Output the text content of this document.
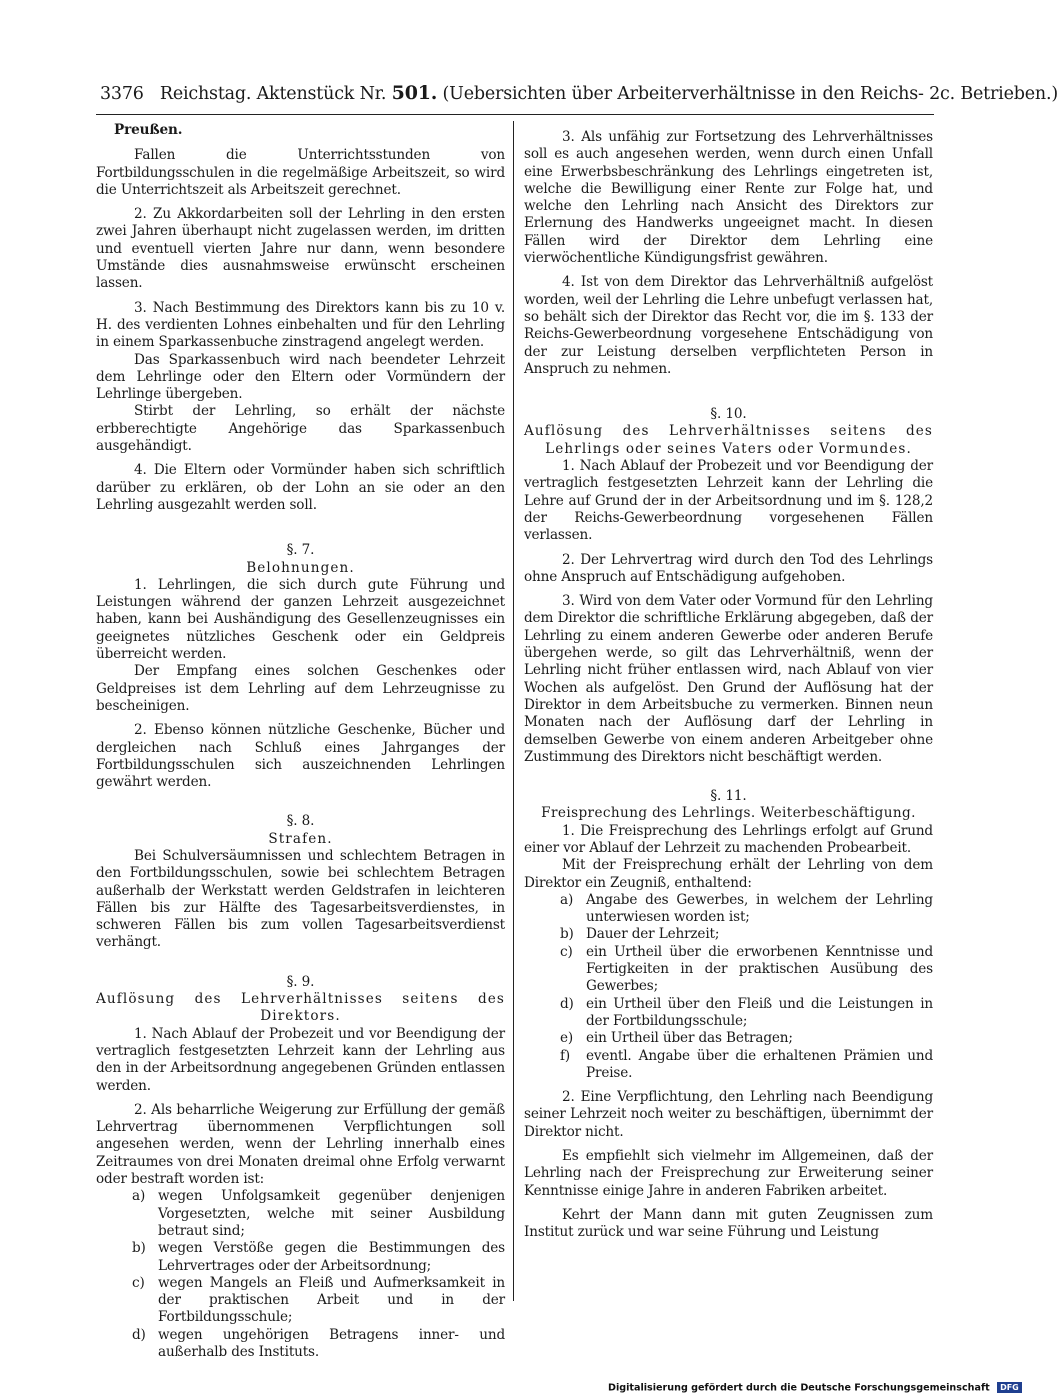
3376 Reichstag. Aktenstück Nr. 501. (Uebersichten über Arbeiterverhältnisse in den Reichs- 2c. Betrieben.)

Preußen.

Fallen die Unterrichtsstunden von Fortbildungsschulen in die regelmäßige Arbeitszeit, so wird die Unterrichtszeit als Arbeitszeit gerechnet.

2. Zu Akkordarbeiten soll der Lehrling in den ersten zwei Jahren überhaupt nicht zugelassen werden, im dritten und eventuell vierten Jahre nur dann, wenn besondere Umstände dies ausnahmsweise erwünscht erscheinen lassen.

3. Nach Bestimmung des Direktors kann bis zu 10 v. H. des verdienten Lohnes einbehalten und für den Lehrling in einem Sparkassenbuche zinstragend angelegt werden.

Das Sparkassenbuch wird nach beendeter Lehrzeit dem Lehrlinge oder den Eltern oder Vormündern der Lehrlinge übergeben.

Stirbt der Lehrling, so erhält der nächste erbberechtigte Angehörige das Sparkassenbuch ausgehändigt.

4. Die Eltern oder Vormünder haben sich schriftlich darüber zu erklären, ob der Lohn an sie oder an den Lehrling ausgezahlt werden soll.

§. 7.

Belohnungen.

1. Lehrlingen, die sich durch gute Führung und Leistungen während der ganzen Lehrzeit ausgezeichnet haben, kann bei Aushändigung des Gesellenzeugnisses ein geeignetes nützliches Geschenk oder ein Geldpreis überreicht werden.

Der Empfang eines solchen Geschenkes oder Geldpreises ist dem Lehrling auf dem Lehrzeugnisse zu bescheinigen.

2. Ebenso können nützliche Geschenke, Bücher und dergleichen nach Schluß eines Jahrganges der Fortbildungsschulen sich auszeichnenden Lehrlingen gewährt werden.

§. 8.

Strafen.

Bei Schulversäumnissen und schlechtem Betragen in den Fortbildungsschulen, sowie bei schlechtem Betragen außerhalb der Werkstatt werden Geldstrafen in leichteren Fällen bis zur Hälfte des Tagesarbeitsverdienstes, in schweren Fällen bis zum vollen Tagesarbeitsverdienst verhängt.

§. 9.

Auflösung des Lehrverhältnisses seitens des Direktors.

1. Nach Ablauf der Probezeit und vor Beendigung der vertraglich festgesetzten Lehrzeit kann der Lehrling aus den in der Arbeitsordnung angegebenen Gründen entlassen werden.

2. Als beharrliche Weigerung zur Erfüllung der gemäß Lehrvertrag übernommenen Verpflichtungen soll angesehen werden, wenn der Lehrling innerhalb eines Zeitraumes von drei Monaten dreimal ohne Erfolg verwarnt oder bestraft worden ist:

a) wegen Unfolgsamkeit gegenüber denjenigen Vorgesetzten, welche mit seiner Ausbildung betraut sind;
b) wegen Verstöße gegen die Bestimmungen des Lehrvertrages oder der Arbeitsordnung;
c) wegen Mangels an Fleiß und Aufmerksamkeit in der praktischen Arbeit und in der Fortbildungsschule;
d) wegen ungehörigen Betragens inner- und außerhalb des Instituts.

3. Als unfähig zur Fortsetzung des Lehrverhältnisses soll es auch angesehen werden, wenn durch einen Unfall eine Erwerbsbeschränkung des Lehrlings eingetreten ist, welche die Bewilligung einer Rente zur Folge hat, und welche den Lehrling nach Ansicht des Direktors zur Erlernung des Handwerks ungeeignet macht. In diesen Fällen wird der Direktor dem Lehrling eine vierwöchentliche Kündigungsfrist gewähren.

4. Ist von dem Direktor das Lehrverhältniß aufgelöst worden, weil der Lehrling die Lehre unbefugt verlassen hat, so behält sich der Direktor das Recht vor, die im §. 133 der Reichs-Gewerbeordnung vorgesehene Entschädigung von der zur Leistung derselben verpflichteten Person in Anspruch zu nehmen.

§. 10.

Auflösung des Lehrverhältnisses seitens des Lehrlings oder seines Vaters oder Vormundes.

1. Nach Ablauf der Probezeit und vor Beendigung der vertraglich festgesetzten Lehrzeit kann der Lehrling die Lehre auf Grund der in der Arbeitsordnung und im §. 128,2 der Reichs-Gewerbeordnung vorgesehenen Fällen verlassen.

2. Der Lehrvertrag wird durch den Tod des Lehrlings ohne Anspruch auf Entschädigung aufgehoben.

3. Wird von dem Vater oder Vormund für den Lehrling dem Direktor die schriftliche Erklärung abgegeben, daß der Lehrling zu einem anderen Gewerbe oder anderen Berufe übergehen werde, so gilt das Lehrverhältniß, wenn der Lehrling nicht früher entlassen wird, nach Ablauf von vier Wochen als aufgelöst. Den Grund der Auflösung hat der Direktor in dem Arbeitsbuche zu vermerken. Binnen neun Monaten nach der Auflösung darf der Lehrling in demselben Gewerbe von einem anderen Arbeitgeber ohne Zustimmung des Direktors nicht beschäftigt werden.

§. 11.

Freisprechung des Lehrlings. Weiterbeschäftigung.

1. Die Freisprechung des Lehrlings erfolgt auf Grund einer vor Ablauf der Lehrzeit zu machenden Probearbeit.

Mit der Freisprechung erhält der Lehrling von dem Direktor ein Zeugniß, enthaltend:

a) Angabe des Gewerbes, in welchem der Lehrling unterwiesen worden ist;
b) Dauer der Lehrzeit;
c) ein Urtheil über die erworbenen Kenntnisse und Fertigkeiten in der praktischen Ausübung des Gewerbes;
d) ein Urtheil über den Fleiß und die Leistungen in der Fortbildungsschule;
e) ein Urtheil über das Betragen;
f) eventl. Angabe über die erhaltenen Prämien und Preise.

2. Eine Verpflichtung, den Lehrling nach Beendigung seiner Lehrzeit noch weiter zu beschäftigen, übernimmt der Direktor nicht.

Es empfiehlt sich vielmehr im Allgemeinen, daß der Lehrling nach der Freisprechung zur Erweiterung seiner Kenntnisse einige Jahre in anderen Fabriken arbeitet.

Kehrt der Mann dann mit guten Zeugnissen zum Institut zurück und war seine Führung und Leistung

Digitalisierung gefördert durch die Deutsche Forschungsgemeinschaft DFG
